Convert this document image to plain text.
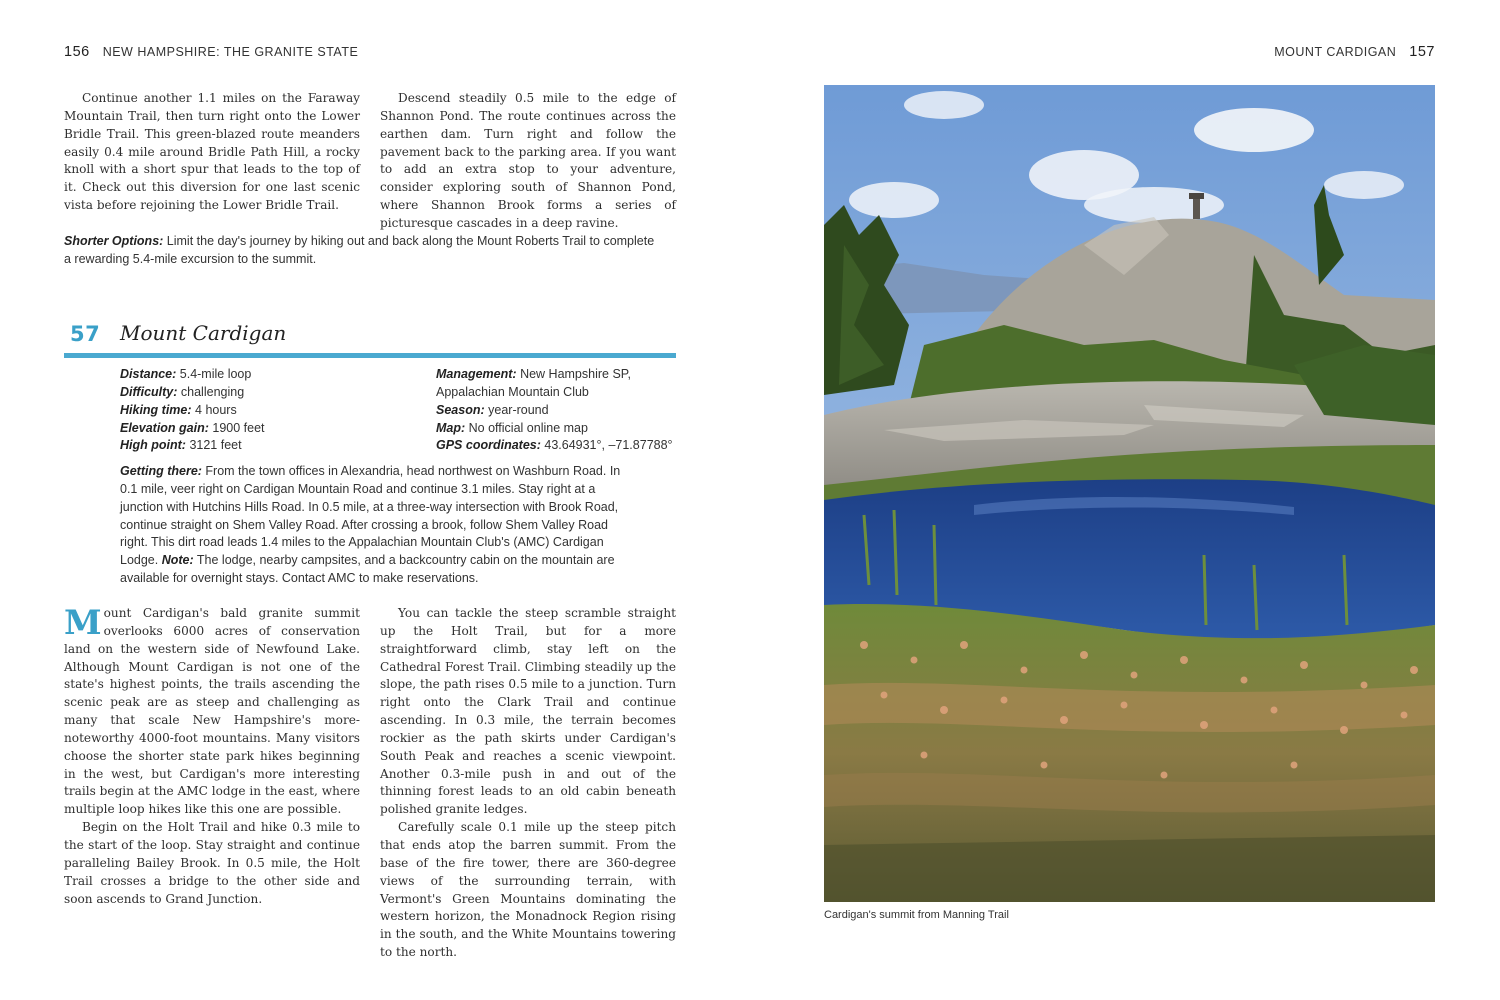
156 NEW HAMPSHIRE: THE GRANITE STATE

Continue another 1.1 miles on the Faraway Mountain Trail, then turn right onto the Lower Bridle Trail. This green-blazed route meanders easily 0.4 mile around Bridle Path Hill, a rocky knoll with a short spur that leads to the top of it. Check out this diversion for one last scenic vista before rejoining the Lower Bridle Trail.

Descend steadily 0.5 mile to the edge of Shannon Pond. The route continues across the earthen dam. Turn right and follow the pavement back to the parking area. If you want to add an extra stop to your adventure, consider exploring south of Shannon Pond, where Shannon Brook forms a series of picturesque cascades in a deep ravine.

Shorter Options: Limit the day's journey by hiking out and back along the Mount Roberts Trail to complete a rewarding 5.4-mile excursion to the summit.
57 Mount Cardigan
Distance: 5.4-mile loop
Difficulty: challenging
Hiking time: 4 hours
Elevation gain: 1900 feet
High point: 3121 feet
Management: New Hampshire SP,
Appalachian Mountain Club
Season: year-round
Map: No official online map
GPS coordinates: 43.64931°, –71.87788°
Getting there: From the town offices in Alexandria, head northwest on Washburn Road. In 0.1 mile, veer right on Cardigan Mountain Road and continue 3.1 miles. Stay right at a junction with Hutchins Hills Road. In 0.5 mile, at a three-way intersection with Brook Road, continue straight on Shem Valley Road. After crossing a brook, follow Shem Valley Road right. This dirt road leads 1.4 miles to the Appalachian Mountain Club's (AMC) Cardigan Lodge. Note: The lodge, nearby campsites, and a backcountry cabin on the mountain are available for overnight stays. Contact AMC to make reservations.

Mount Cardigan's bald granite summit overlooks 6000 acres of conservation land on the western side of Newfound Lake. Although Mount Cardigan is not one of the state's highest points, the trails ascending the scenic peak are as steep and challenging as many that scale New Hampshire's more-noteworthy 4000-foot mountains. Many visitors choose the shorter state park hikes beginning in the west, but Cardigan's more interesting trails begin at the AMC lodge in the east, where multiple loop hikes like this one are possible.

Begin on the Holt Trail and hike 0.3 mile to the start of the loop. Stay straight and continue paralleling Bailey Brook. In 0.5 mile, the Holt Trail crosses a bridge to the other side and soon ascends to Grand Junction.

You can tackle the steep scramble straight up the Holt Trail, but for a more straightforward climb, stay left on the Cathedral Forest Trail. Climbing steadily up the slope, the path rises 0.5 mile to a junction. Turn right onto the Clark Trail and continue ascending. In 0.3 mile, the terrain becomes rockier as the path skirts under Cardigan's South Peak and reaches a scenic viewpoint. Another 0.3-mile push in and out of the thinning forest leads to an old cabin beneath polished granite ledges.

Carefully scale 0.1 mile up the steep pitch that ends atop the barren summit. From the base of the fire tower, there are 360-degree views of the surrounding terrain, with Vermont's Green Mountains dominating the western horizon, the Monadnock Region rising in the south, and the White Mountains towering to the north.

MOUNT CARDIGAN 157
Cardigan's summit from Manning Trail
